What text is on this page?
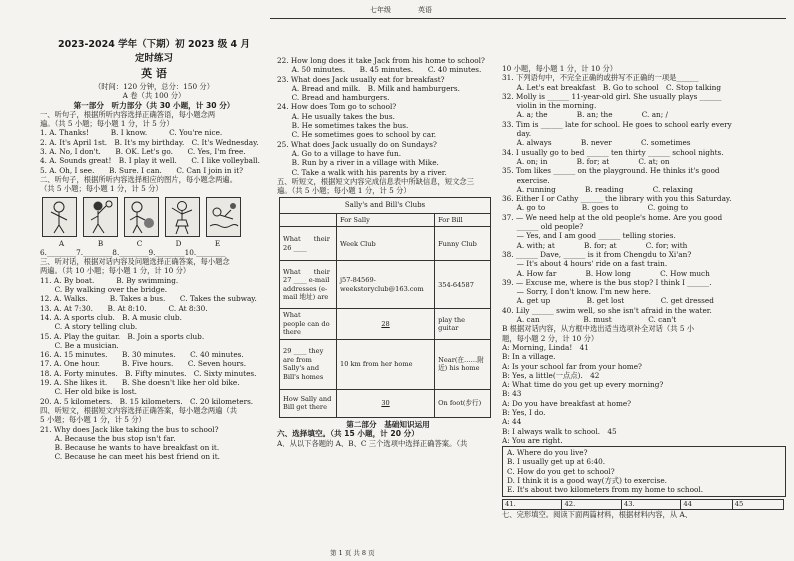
七年级	英语
2023-2024 学年（下期）初 2023 级 4 月
定时练习
英 语
（时间：120 分钟，总分：150 分）
A 卷（共 100 分）
第一部分　听力部分（共 30 小题，计 30 分）
一、听句子，根据所听内容选择正确答语，每小题念两
遍。（共 5 小题；每小题 1 分，计 5 分）
1. A. Thanks!　　　B. I know.　　　C. You're nice.
2. A. It's April 1st.　B. It's my birthday.　C. It's Wednesday.
3. A. No, I don't.　　B. OK. Let's go.　　C. Yes, I'm free.
4. A. Sounds great!　B. I play it well.　　C. I like volleyball.
5. A. Oh, I see.　　B. Sure. I can.　　C. Can I join in it?
二、听句子，根据所听内容选择相应的图片，每小题念两遍。
（共 5 小题；每小题 1 分，计 5 分）
A	B	C	D	E
6.________7.________8.________9.________10.________
三、听对话，根据对话内容及问题选择正确答案，每小题念
两遍。（共 10 小题；每小题 1 分，计 10 分）
11. A. By boat.　　　B. By swimming.
　　C. By walking over the bridge.
12. A. Walks.　　　B. Takes a bus.　　C. Takes the subway.
13. A. At 7:30.　　B. At 8:10.　　　C. At 8:30.
14. A. A sports club.　B. A music club.
　　C. A story telling club.
15. A. Play the guitar.　B. Join a sports club.
　　C. Be a musician.
16. A. 15 minutes.　　B. 30 minutes.　　C. 40 minutes.
17. A. One hour.　　　B. Five hours.　　C. Seven hours.
18. A. Forty minutes.　B. Fifty minutes.　C. Sixty minutes.
19. A. She likes it.　　B. She doesn't like her old bike.
　　C. Her old bike is lost.
20. A. 5 kilometers.　B. 15 kilometers.　C. 20 kilometers.
四、听短文，根据短文内容选择正确答案，每小题念两遍（共
5 小题；每小题 1 分，计 5 分）
21. Why does Jack like taking the bus to school?
　　A. Because the bus stop isn't far.
　　B. Because he wants to have breakfast on it.
　　C. Because he can meet his best friend on it.
22. How long does it take Jack from his home to school?
　　A. 50 minutes.　　B. 45 minutes.　　C. 40 minutes.
23. What does Jack usually eat for breakfast?
　　A. Bread and milk.　B. Milk and hamburgers.
　　C. Bread and hamburgers.
24. How does Tom go to school?
　　A. He usually takes the bus.
　　B. He sometimes takes the bus.
　　C. He sometimes goes to school by car.
25. What does Jack usually do on Sundays?
　　A. Go to a village to have fun.
　　B. Run by a river in a village with Mike.
　　C. Take a walk with his parents by a river.
五、听短文，根据短文内容完成信息表中所缺信息，短文念三
遍。（共 5 小题；每小题 1 分，计 5 分）
Sally's and Bill's Clubs
	For Sally	For Bill
What　　their 26 ____	Week Club	Funny Club
What　　their 27 ____ e-mail addresses (e-mail 地址) are	j57-84569-weekstoryclub@163.com	354-64587
What　　people can do there	28	play the guitar
29 ____ they are from Sally's and Bill's homes	10 km from her home	Near(在……附近) his home
How Sally and Bill get there	30	On foot(步行)
第二部分　基础知识运用
六、选择填空。（共 15 小题，计 20 分）
A．从以下各题的 A、B、C 三个选项中选择正确答案。（共
10 小题，每小题 1 分，计 10 分）
31. 下列语句中，不完全正确的或拼写不正确的一项是______
　　A. Let's eat breakfast　B. Go to school　C. Stop talking
32. Molly is ______ 11-year-old girl. She usually plays ______
　　violin in the morning.
　　A. a; the　　　　B. an; the　　　　C. an; /
33. Tim is ______ late for school. He goes to school early every
　　day.
　　A. always　　　　B. never　　　　C. sometimes
34. I usually go to bed ______ ten thirty ______ school nights.
　　A. on; in　　　　B. for; at　　　　C. at; on
35. Tom likes ______ on the playground. He thinks it's good
　　exercise.
　　A. running　　　　B. reading　　　　C. relaxing
36. Either I or Cathy ______ the library with you this Saturday.
　　A. go to　　　　　B. goes to　　　　C. going to
37. — We need help at the old people's home. Are you good
　　______ old people?
　　— Yes, and I am good ______ telling stories.
　　A. with; at　　　　B. for; at　　　　C. for; with
38. ______ Dave, ______ is it from Chengdu to Xi'an?
　　— It's about 4 hours' ride on a fast train.
　　A. How far　　　　B. How long　　　　C. How much
39. — Excuse me, where is the bus stop? I think I ______.
　　— Sorry, I don't know. I'm new here.
　　A. get up　　　　　B. get lost　　　　　C. get dressed
40. Lily ______ swim well, so she isn't afraid in the water.
　　A. can　　　　　　B. must　　　　　C. can't
B 根据对话内容，从方框中选出适当选项补全对话（共 5 小
题，每小题 2 分，计 10 分）
A: Morning, Linda!　41
B: In a village.
A: Is your school far from your home?
B: Yes, a little(一点点).　42
A: What time do you get up every morning?
B: 43
A: Do you have breakfast at home?
B: Yes, I do.
A: 44
B: I always walk to school.　45
A: You are right.
A. Where do you live?
B. I usually get up at 6:40.
C. How do you get to school?
D. I think it is a good way(方式) to exercise.
E. It's about two kilometers from my home to school.
41.	42.	43.	44	45
七、完形填空。阅读下面两篇材料，根据材料内容，从 A、
第 1 页 共 8 页
